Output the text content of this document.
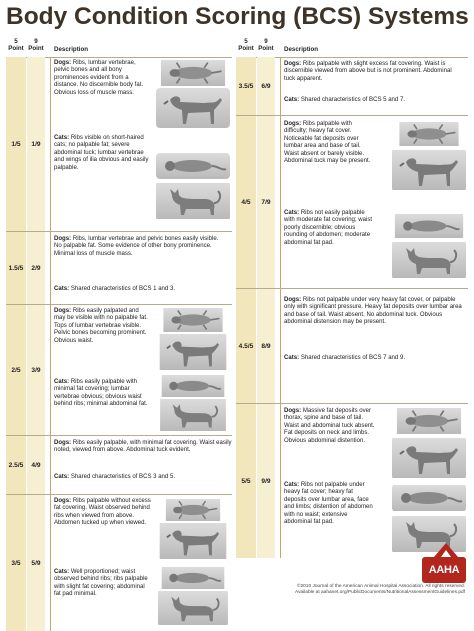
Body Condition Scoring (BCS) Systems
5
Point
9
Point Description
1/5	1/9
Dogs: Ribs, lumbar vertebrae, pelvic bones and all bony prominences evident from a distance. No discernible body fat. Obvious loss of muscle mass.
Cats: Ribs visible on short-haired cats; no palpable fat; severe abdominal tuck; lumbar vertebrae and wings of ilia obvious and easily palpable.
1.5/5	2/9
Dogs: Ribs, lumbar vertebrae and pelvic bones easily visible. No palpable fat. Some evidence of other bony prominence. Minimal loss of muscle mass.
Cats: Shared characteristics of BCS 1 and 3.
2/5	3/9
Dogs: Ribs easily palpated and may be visible with no palpable fat. Tops of lumbar vertebrae visible. Pelvic bones becoming prominent. Obvious waist.
Cats: Ribs easily palpable with minimal fat covering; lumbar vertebrae obvious; obvious waist behind ribs; minimal abdominal fat.
2.5/5	4/9
Dogs: Ribs easily palpable, with minimal fat covering. Waist easily noted, viewed from above. Abdominal tuck evident.
Cats: Shared characteristics of BCS 3 and 5.
3/5	5/9
Dogs: Ribs palpable without excess fat covering. Waist observed behind ribs when viewed from above. Abdomen tucked up when viewed.
Cats: Well proportioned; waist observed behind ribs; ribs palpable with slight fat covering; abdominal fat pad minimal.
5
Point
9
Point Description
3.5/5	6/9
Dogs: Ribs palpable with slight excess fat covering. Waist is discernible viewed from above but is not prominent. Abdominal tuck apparent.
Cats: Shared characteristics of BCS 5 and 7.
4/5	7/9
Dogs: Ribs palpable with difficulty; heavy fat cover. Noticeable fat deposits over lumbar area and base of tail. Waist absent or barely visible. Abdominal tuck may be present.
Cats: Ribs not easily palpable with moderate fat covering; waist poorly discernible; obvious rounding of abdomen; moderate abdominal fat pad.
4.5/5	8/9
Dogs: Ribs not palpable under very heavy fat cover, or palpable only with significant pressure. Heavy fat deposits over lumbar area and base of tail. Waist absent. No abdominal tuck. Obvious abdominal distension may be present.
Cats: Shared characteristics of BCS 7 and 9.
5/5	9/9
Dogs: Massive fat deposits over thorax, spine and base of tail. Waist and abdominal tuck absent. Fat deposits on neck and limbs. Obvious abdominal distention.
Cats: Ribs not palpable under heavy fat cover; heavy fat deposits over lumbar area, face and limbs; distention of abdomen with no waist; extensive abdominal fat pad.
AAHA
©2010 Journal of the American Animal Hospital Association. All rights reserved.
Available at aahanet.org/PublicDocuments/NutritionalAssessmentGuidelines.pdf
